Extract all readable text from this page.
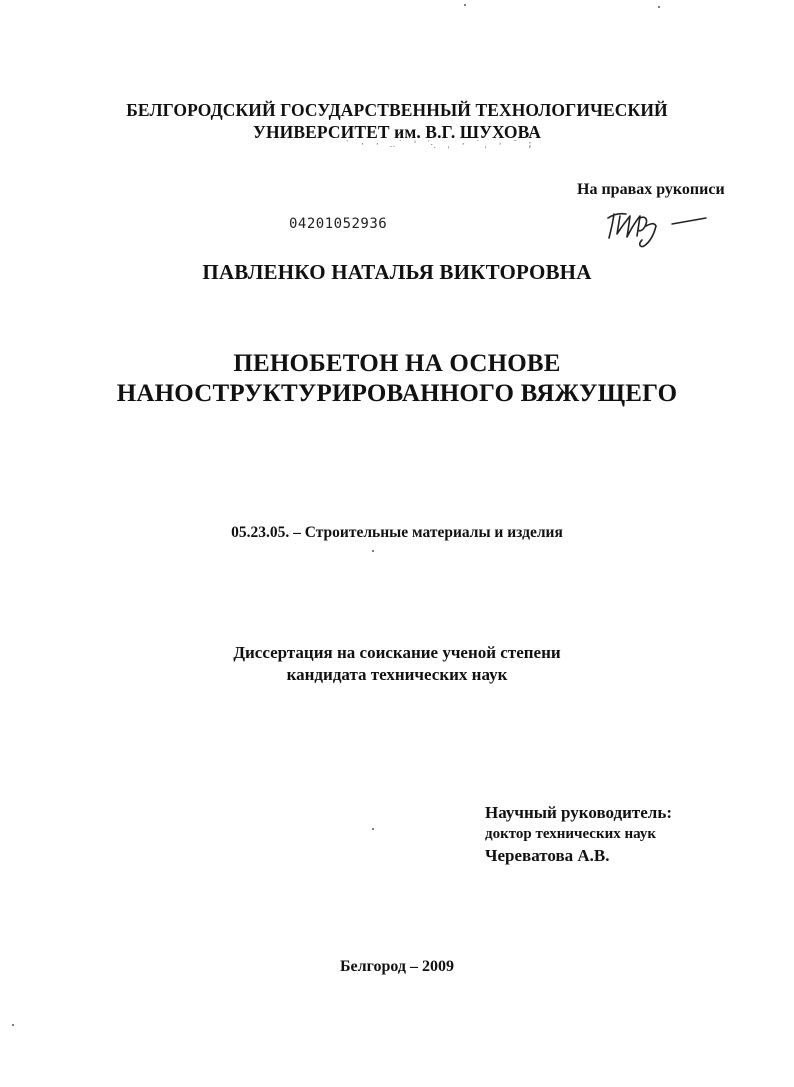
БЕЛГОРОДСКИЙ ГОСУДАРСТВЕННЫЙ ТЕХНОЛОГИЧЕСКИЙ
УНИВЕРСИТЕТ им. В.Г. ШУХОВА
` · · ‥˙ ' ⋱ ˌ · ˙ˌ · ¨ ;
На правах рукописи
04201052936
ПАВЛЕНКО НАТАЛЬЯ ВИКТОРОВНА
ПЕНОБЕТОН НА ОСНОВЕ
НАНОСТРУКТУРИРОВАННОГО ВЯЖУЩЕГО
05.23.05. – Строительные материалы и изделия
Диссертация на соискание ученой степени
кандидата технических наук
Научный руководитель:
доктор технических наук
Череватова А.В.
Белгород – 2009
